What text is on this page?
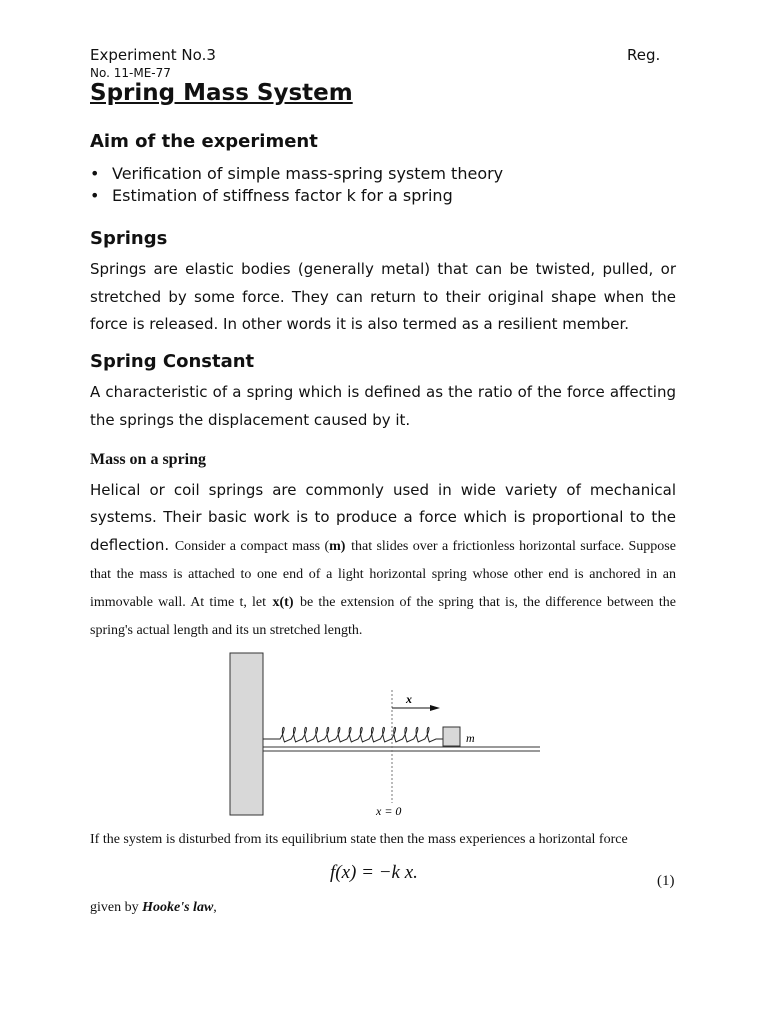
Experiment No.3	Reg.
No. 11-ME-77
Spring Mass System
Aim of the experiment
• Verification of simple mass-spring system theory
• Estimation of stiffness factor k for a spring
Springs
Springs are elastic bodies (generally metal) that can be twisted, pulled, or stretched by some force. They can return to their original shape when the force is released. In other words it is also termed as a resilient member.
Spring Constant
A characteristic of a spring which is defined as the ratio of the force affecting the springs the displacement caused by it.
Mass on a spring
Helical or coil springs are commonly used in wide variety of mechanical systems. Their basic work is to produce a force which is proportional to the deflection. Consider a compact mass (m) that slides over a frictionless horizontal surface. Suppose that the mass is attached to one end of a light horizontal spring whose other end is anchored in an immovable wall. At time t, let x(t) be the extension of the spring that is, the difference between the spring's actual length and its un stretched length.
x
m
x = 0
If the system is disturbed from its equilibrium state then the mass experiences a horizontal force
f(x) = −k x.	(1)
given by Hooke's law,
